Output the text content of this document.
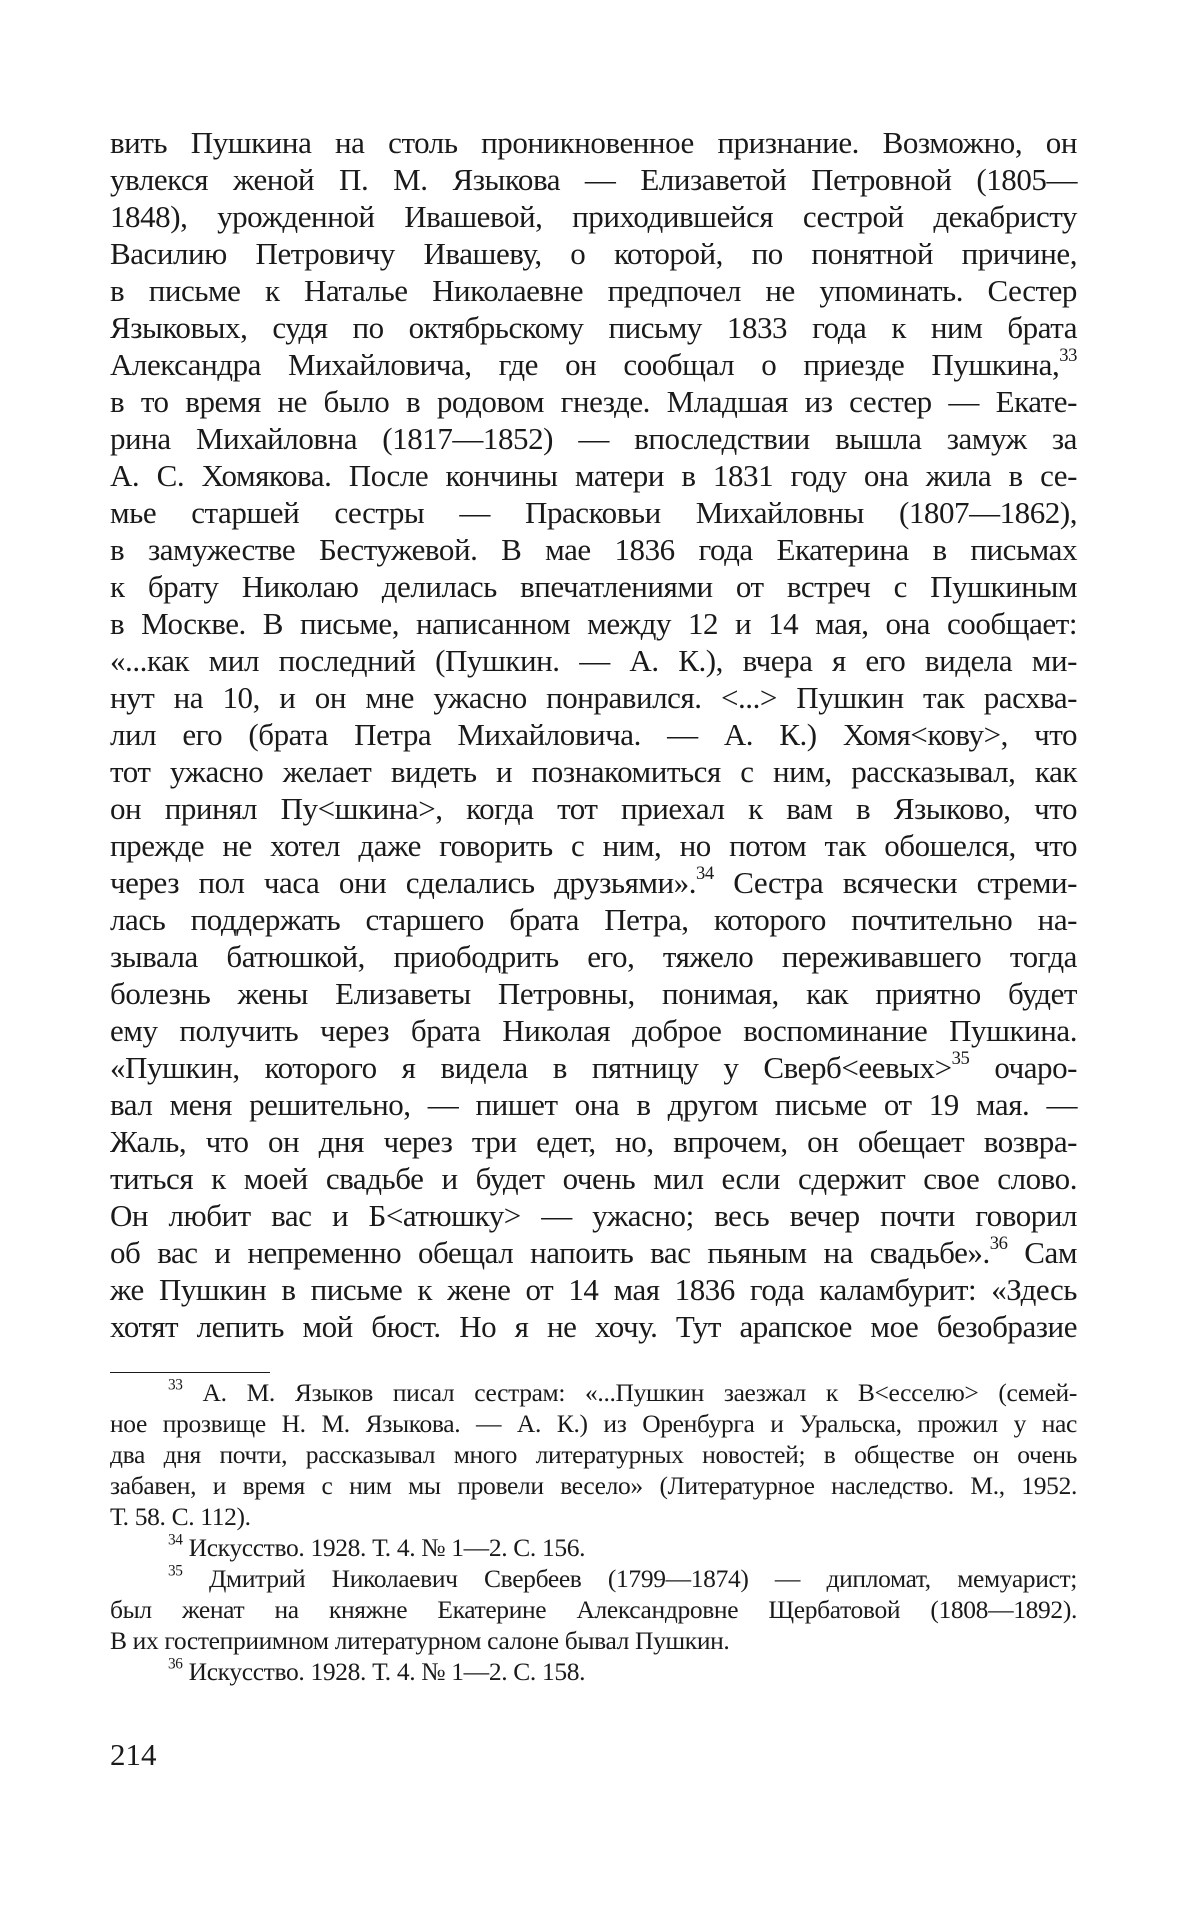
вить Пушкина на столь проникновенное признание. Возможно, он
увлекся женой П. М. Языкова — Елизаветой Петровной (1805—
1848), урожденной Ивашевой, приходившейся сестрой декабристу
Василию Петровичу Ивашеву, о которой, по понятной причине,
в письме к Наталье Николаевне предпочел не упоминать. Сестер
Языковых, судя по октябрьскому письму 1833 года к ним брата
Александра Михайловича, где он сообщал о приезде Пушкина,$^{33}$
в то время не было в родовом гнезде. Младшая из сестер — Екате-
рина Михайловна (1817—1852) — впоследствии вышла замуж за
А. С. Хомякова. После кончины матери в 1831 году она жила в се-
мье старшей сестры — Прасковьи Михайловны (1807—1862),
в замужестве Бестужевой. В мае 1836 года Екатерина в письмах
к брату Николаю делилась впечатлениями от встреч с Пушкиным
в Москве. В письме, написанном между 12 и 14 мая, она сообщает:
«...как мил последний (Пушкин. — А. К.), вчера я его видела ми-
нут на 10, и он мне ужасно понравился. <...> Пушкин так расхва-
лил его (брата Петра Михайловича. — А. К.) Хомя<кову>, что
тот ужасно желает видеть и познакомиться с ним, рассказывал, как
он принял Пу<шкина>, когда тот приехал к вам в Языково, что
прежде не хотел даже говорить с ним, но потом так обошелся, что
через пол часа они сделались друзьями».$^{34}$ Сестра всячески стреми-
лась поддержать старшего брата Петра, которого почтительно на-
зывала батюшкой, приободрить его, тяжело переживавшего тогда
болезнь жены Елизаветы Петровны, понимая, как приятно будет
ему получить через брата Николая доброе воспоминание Пушкина.
«Пушкин, которого я видела в пятницу у Сверб<еевых>$^{35}$ очаро-
вал меня решительно, — пишет она в другом письме от 19 мая. —
Жаль, что он дня через три едет, но, впрочем, он обещает возвра-
титься к моей свадьбе и будет очень мил если сдержит свое слово.
Он любит вас и Б<атюшку> — ужасно; весь вечер почти говорил
об вас и непременно обещал напоить вас пьяным на свадьбе».$^{36}$ Сам
же Пушкин в письме к жене от 14 мая 1836 года каламбурит: «Здесь
хотят лепить мой бюст. Но я не хочу. Тут арапское мое безобразие
$^{33}$ А. М. Языков писал сестрам: «...Пушкин заезжал к В<есселю> (семей-
ное прозвище Н. М. Языкова. — А. К.) из Оренбурга и Уральска, прожил у нас
два дня почти, рассказывал много литературных новостей; в обществе он очень
забавен, и время с ним мы провели весело» (Литературное наследство. М., 1952.
Т. 58. С. 112).
$^{34}$ Искусство. 1928. Т. 4. № 1—2. С. 156.
$^{35}$ Дмитрий Николаевич Свербеев (1799—1874) — дипломат, мемуарист;
был женат на княжне Екатерине Александровне Щербатовой (1808—1892).
В их гостеприимном литературном салоне бывал Пушкин.
$^{36}$ Искусство. 1928. Т. 4. № 1—2. С. 158.
214
